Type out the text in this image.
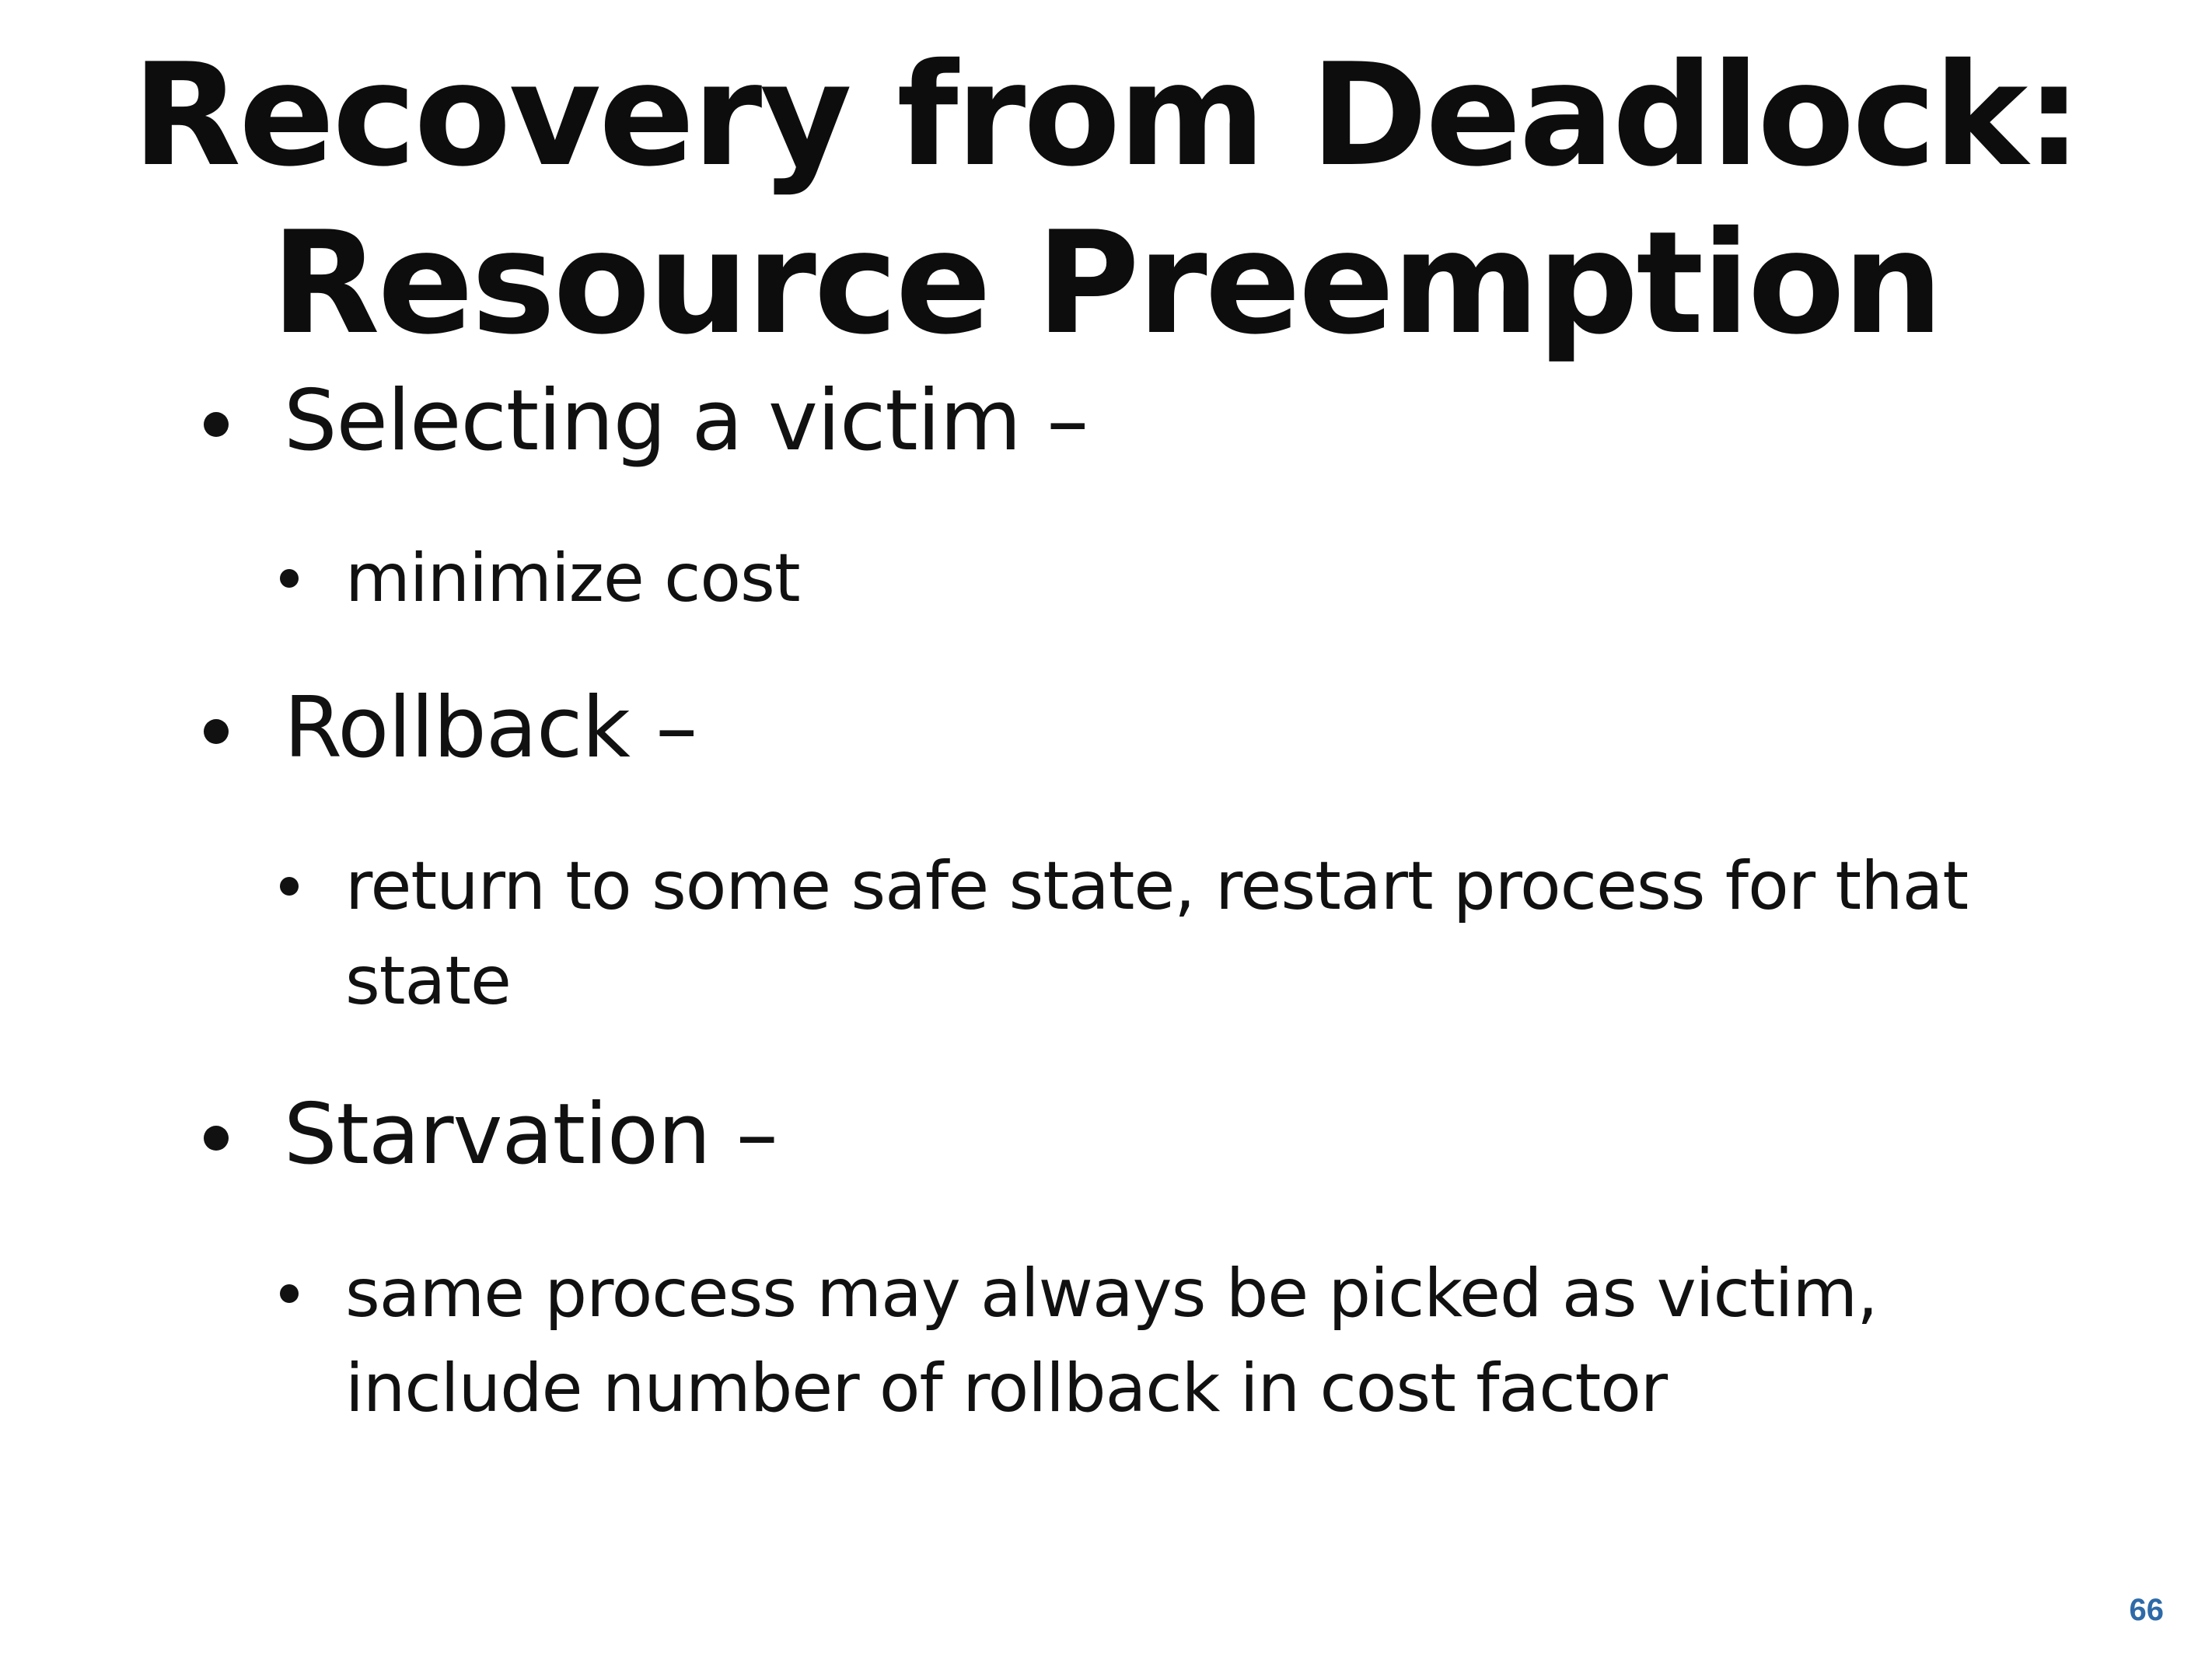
Recovery from Deadlock:
Resource Preemption
Selecting a victim –
minimize cost
Rollback –
return to some safe state, restart process for that
state
Starvation –
same process may always be picked as victim,
include number of rollback in cost factor
66
